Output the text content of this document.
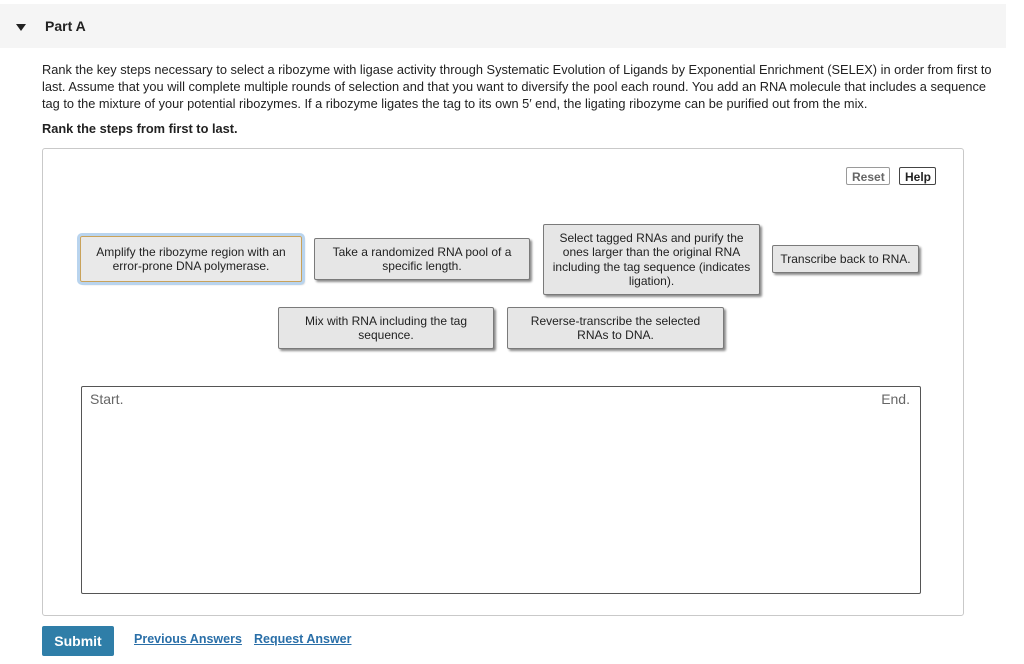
Part A
Rank the key steps necessary to select a ribozyme with ligase activity through Systematic Evolution of Ligands by Exponential Enrichment (SELEX) in order from first to last. Assume that you will complete multiple rounds of selection and that you want to diversify the pool each round. You add an RNA molecule that includes a sequence tag to the mixture of your potential ribozymes. If a ribozyme ligates the tag to its own 5′ end, the ligating ribozyme can be purified out from the mix.
Rank the steps from first to last.
Reset	Help
Amplify the ribozyme region with an error-prone DNA polymerase.
Take a randomized RNA pool of a specific length.
Select tagged RNAs and purify the ones larger than the original RNA including the tag sequence (indicates ligation).
Transcribe back to RNA.
Mix with RNA including the tag sequence.
Reverse-transcribe the selected RNAs to DNA.
Start.	End.
Submit	Previous Answers Request Answer
